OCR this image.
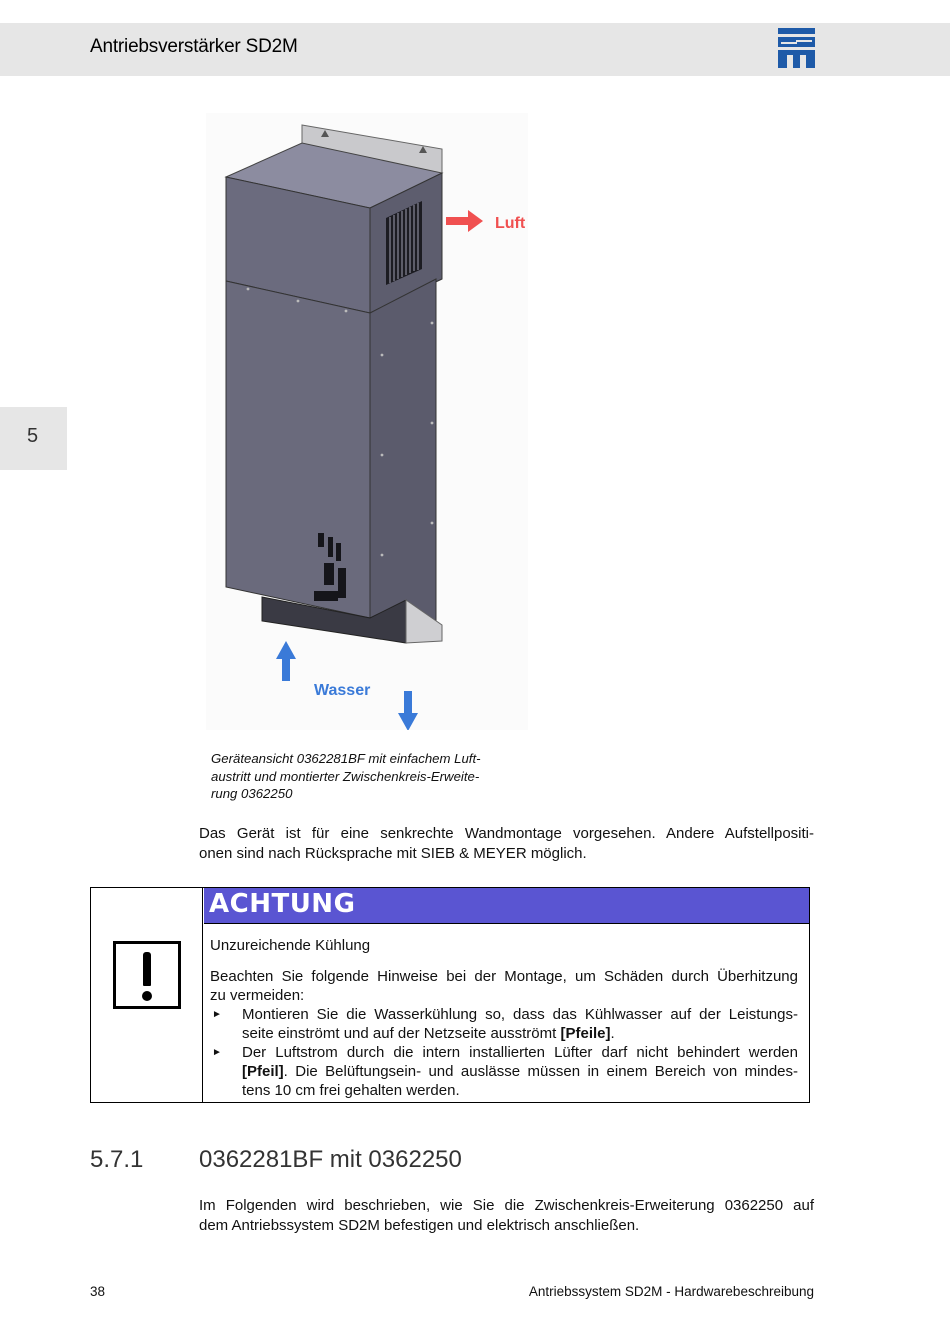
Antriebsverstärker SD2M
5
Luft
Wasser
Geräteansicht 0362281BF mit einfachem Luft-
austritt und montierter Zwischenkreis-Erweite-
rung 0362250
Das Gerät ist für eine senkrechte Wandmontage vorgesehen. Andere Aufstellpositi-
onen sind nach Rücksprache mit SIEB & MEYER möglich.
ACHTUNG
Unzureichende Kühlung
Beachten Sie folgende Hinweise bei der Montage, um Schäden durch Überhitzung
zu vermeiden:
► Montieren Sie die Wasserkühlung so, dass das Kühlwasser auf der Leistungs-
seite einströmt und auf der Netzseite ausströmt [Pfeile].
► Der Luftstrom durch die intern installierten Lüfter darf nicht behindert werden
[Pfeil]. Die Belüftungsein- und auslässe müssen in einem Bereich von mindes-
tens 10 cm frei gehalten werden.
5.7.1 0362281BF mit 0362250
Im Folgenden wird beschrieben, wie Sie die Zwischenkreis-Erweiterung 0362250 auf
dem Antriebssystem SD2M befestigen und elektrisch anschließen.
38	Antriebssystem SD2M - Hardwarebeschreibung
